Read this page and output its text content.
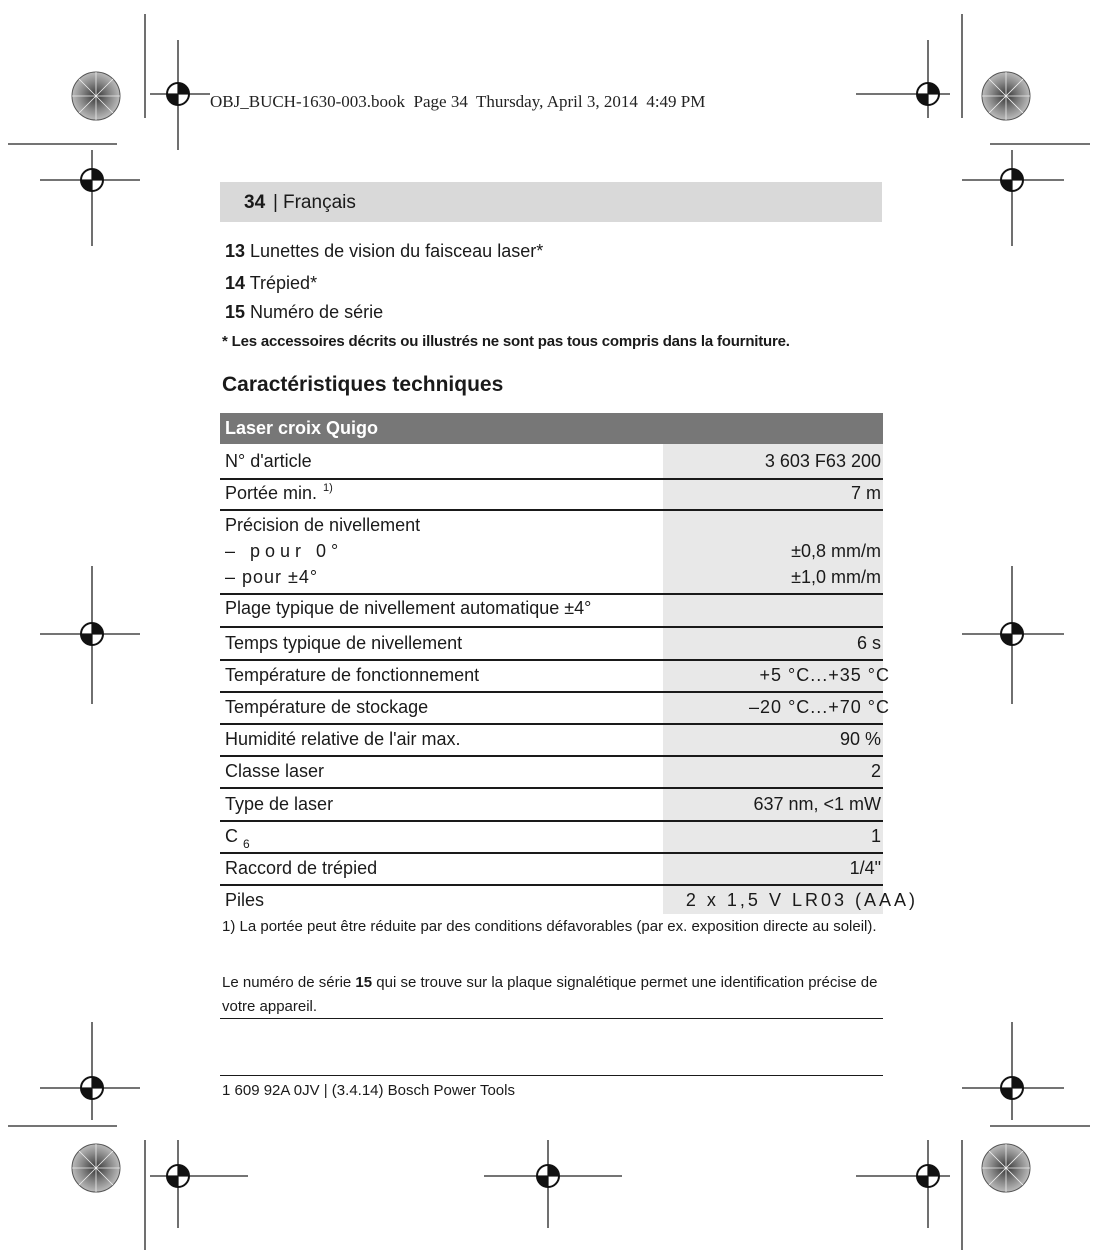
OBJ_BUCH-1630-003.book  Page 34  Thursday, April 3, 2014  4:49 PM
34 | Français
13 Lunettes de vision du faisceau laser*
14 Trépied*
15 Numéro de série
* Les accessoires décrits ou illustrés ne sont pas tous compris dans la fourniture.
Caractéristiques techniques
Laser croix Quigo
N° d'article	3 603 F63 200
Portée min. $^{1)}$	7 m
Précision de nivellement
– pour 0°	±0,8 mm/m
– pour ±4°	±1,0 mm/m
Plage typique de nivellement automatique ±4°
Temps typique de nivellement	6 s
Température de fonctionnement	+5 °C...+35 °C
Température de stockage	–20 °C...+70 °C
Humidité relative de l'air max.	90 %
Classe laser	2
Type de laser	637 nm, <1 mW
C $_6$	1
Raccord de trépied	1/4"
Piles	2 x 1,5 V LR03 (AAA)
1) La portée peut être réduite par des conditions défavorables (par ex. exposition directe au soleil).
Le numéro de série 15 qui se trouve sur la plaque signalétique permet une identification précise de votre appareil.
1 609 92A 0JV | (3.4.14) Bosch Power Tools
